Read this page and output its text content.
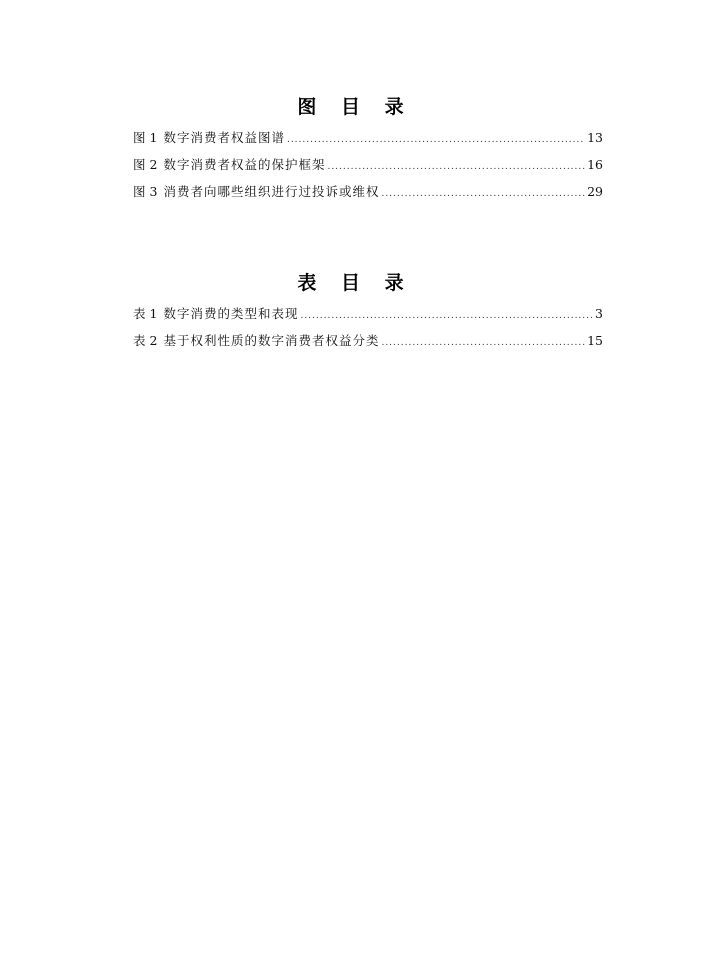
图 目 录
图 1 数字消费者权益图谱 .....	13
图 2 数字消费者权益的保护框架 .....	16
图 3 消费者向哪些组织进行过投诉或维权 .....	29
表 目 录
表 1 数字消费的类型和表现 .....	3
表 2 基于权利性质的数字消费者权益分类 .....	15
